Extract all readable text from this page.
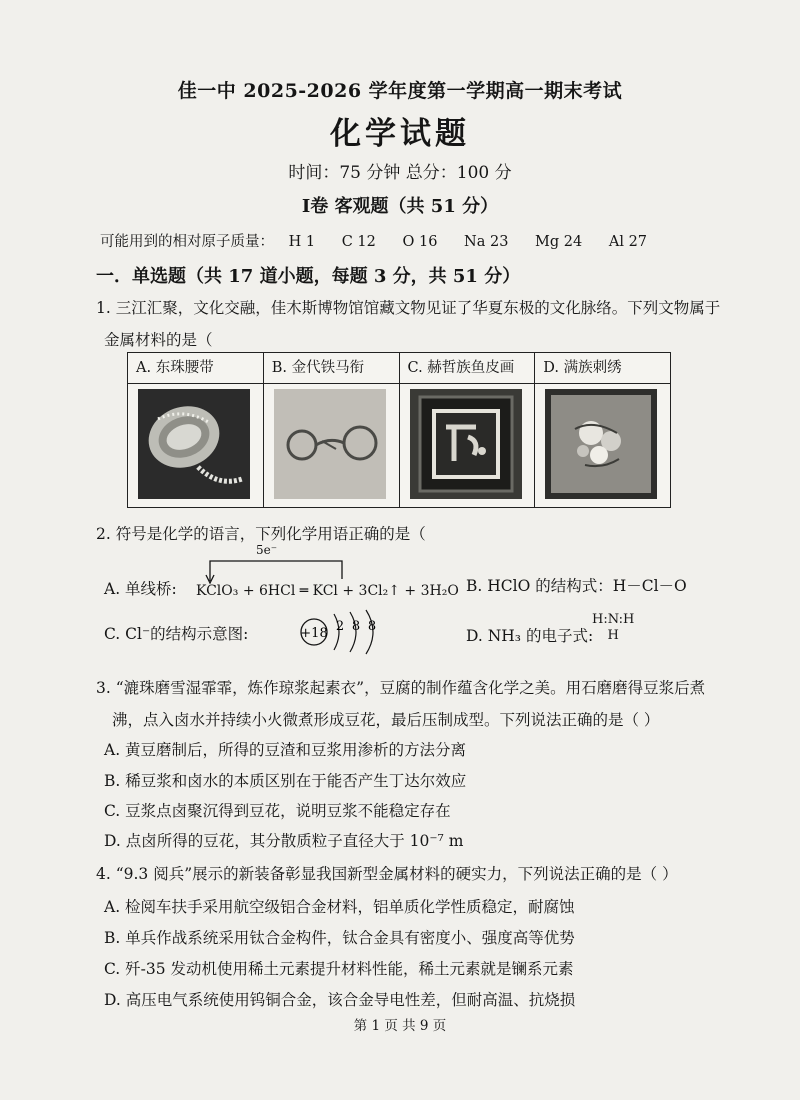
佳一中 2025-2026 学年度第一学期高一期末考试
化学试题
时间：75 分钟 总分：100 分
Ⅰ卷 客观题（共 51 分）
可能用到的相对原子质量： H 1 C 12 O 16 Na 23 Mg 24 Al 27
一．单选题（共 17 道小题，每题 3 分，共 51 分）
1. 三江汇聚，文化交融，佳木斯博物馆馆藏文物见证了华夏东极的文化脉络。下列文物属于
金属材料的是（
A. 东珠腰带	B. 金代铁马衔	C. 赫哲族鱼皮画	D. 满族刺绣
2. 符号是化学的语言，下列化学用语正确的是（
A. 单线桥:
5e⁻
KClO₃ + 6HCl ═ KCl + 3Cl₂↑ + 3H₂O B. HClO 的结构式：H－Cl－O
C. Cl⁻的结构示意图:	+18 2 8 8
D. NH₃ 的电子式:
H:N:H
H
3. “漉珠磨雪湿霏霏，炼作琼浆起素衣”，豆腐的制作蕴含化学之美。用石磨磨得豆浆后煮
沸，点入卤水并持续小火微煮形成豆花，最后压制成型。下列说法正确的是（ ）
A. 黄豆磨制后，所得的豆渣和豆浆用渗析的方法分离
B. 稀豆浆和卤水的本质区别在于能否产生丁达尔效应
C. 豆浆点卤聚沉得到豆花，说明豆浆不能稳定存在
D. 点卤所得的豆花，其分散质粒子直径大于 10⁻⁷ m
4. “9.3 阅兵”展示的新装备彰显我国新型金属材料的硬实力，下列说法正确的是（ ）
A. 检阅车扶手采用航空级铝合金材料，铝单质化学性质稳定，耐腐蚀
B. 单兵作战系统采用钛合金构件，钛合金具有密度小、强度高等优势
C. 歼-35 发动机使用稀土元素提升材料性能，稀土元素就是镧系元素
D. 高压电气系统使用钨铜合金，该合金导电性差，但耐高温、抗烧损
第 1 页 共 9 页
